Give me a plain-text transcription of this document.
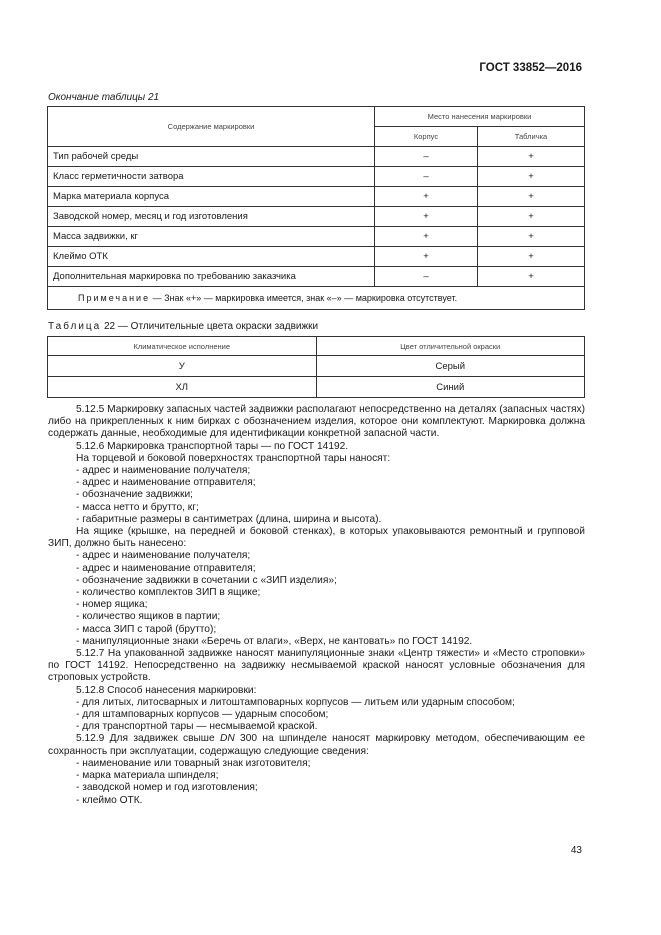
ГОСТ 33852—2016
Окончание таблицы 21
Содержание маркировки	Место нанесения маркировки	
	Корпус	Табличка
Тип рабочей среды	–	+
Класс герметичности затвора	–	+
Марка материала корпуса	+	+
Заводской номер, месяц и год изготовления	+	+
Масса задвижки, кг	+	+
Клеймо ОТК	+	+
Дополнительная маркировка по требованию заказчика	–	+
Примечание — Знак «+» — маркировка имеется, знак «–» — маркировка отсутствует.		
Таблица 22 — Отличительные цвета окраски задвижки
Климатическое исполнение	Цвет отличительной окраски
У	Серый
ХЛ	Синий

5.12.5 Маркировку запасных частей задвижки располагают непосредственно на деталях (запасных частях) либо на прикрепленных к ним бирках с обозначением изделия, которое они комплектуют. Маркировка должна содержать данные, необходимые для идентификации конкретной запасной части.

5.12.6 Маркировка транспортной тары — по ГОСТ 14192.

На торцевой и боковой поверхностях транспортной тары наносят:

- адрес и наименование получателя;

- адрес и наименование отправителя;

- обозначение задвижки;

- масса нетто и брутто, кг;

- габаритные размеры в сантиметрах (длина, ширина и высота).

На ящике (крышке, на передней и боковой стенках), в которых упаковываются ремонтный и групповой ЗИП, должно быть нанесено:

- адрес и наименование получателя;

- адрес и наименование отправителя;

- обозначение задвижки в сочетании с «ЗИП изделия»;

- количество комплектов ЗИП в ящике;

- номер ящика;

- количество ящиков в партии;

- масса ЗИП с тарой (брутто);

- манипуляционные знаки «Беречь от влаги», «Верх, не кантовать» по ГОСТ 14192.

5.12.7 На упакованной задвижке наносят манипуляционные знаки «Центр тяжести» и «Место строповки» по ГОСТ 14192. Непосредственно на задвижку несмываемой краской наносят условные обозначения для строповых устройств.

5.12.8 Способ нанесения маркировки:

- для литых, литосварных и литоштамповарных корпусов — литьем или ударным способом;

- для штамповарных корпусов — ударным способом;

- для транспортной тары — несмываемой краской.

5.12.9 Для задвижек свыше DN 300 на шпинделе наносят маркировку методом, обеспечивающим ее сохранность при эксплуатации, содержащую следующие сведения:

- наименование или товарный знак изготовителя;

- марка материала шпинделя;

- заводской номер и год изготовления;

- клеймо ОТК.

43
